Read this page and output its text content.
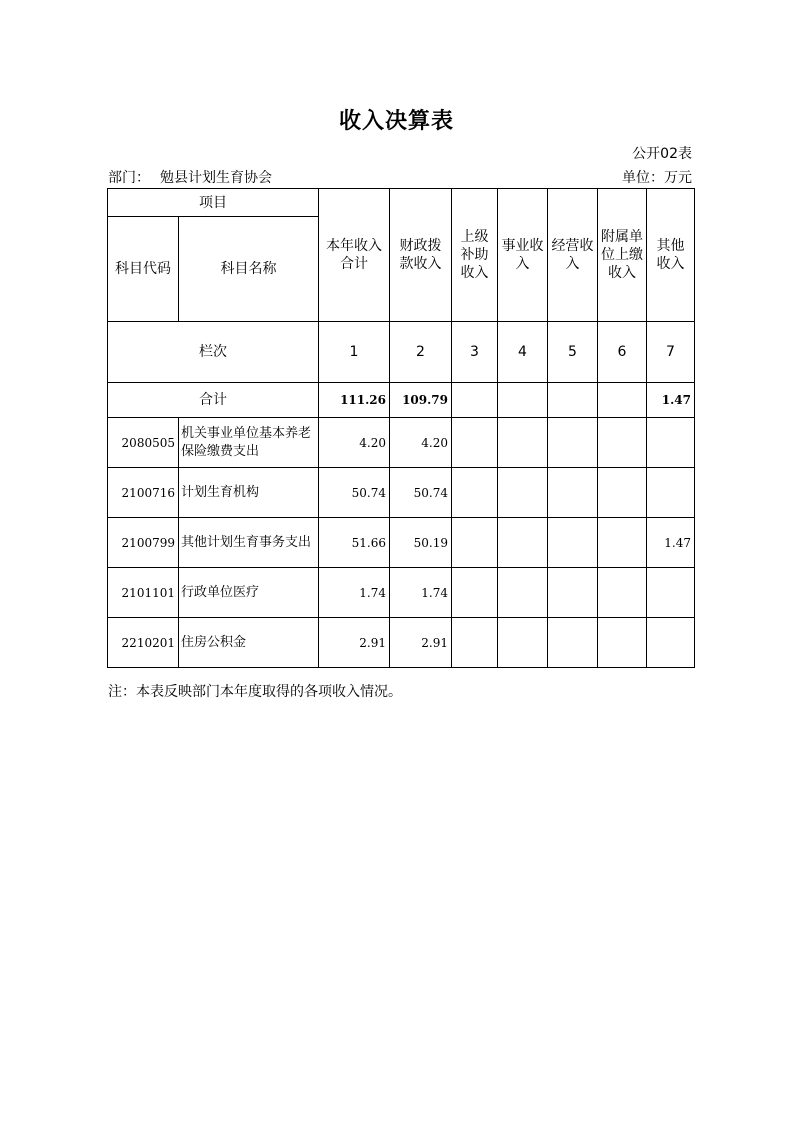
收入决算表
公开02表
部门： 勉县计划生育协会	单位：万元
项目		本年收入合计	财政拨款收入	上级补助收入	事业收入	经营收入	附属单位上缴收入	其他收入
科目代码	科目名称							
栏次		1	2	3	4	5	6	7
合计		111.26	109.79					1.47
2080505	机关事业单位基本养老保险缴费支出	4.20	4.20					
2100716	计划生育机构	50.74	50.74					
2100799	其他计划生育事务支出	51.66	50.19					1.47
2101101	行政单位医疗	1.74	1.74					
2210201	住房公积金	2.91	2.91					
注：本表反映部门本年度取得的各项收入情况。
